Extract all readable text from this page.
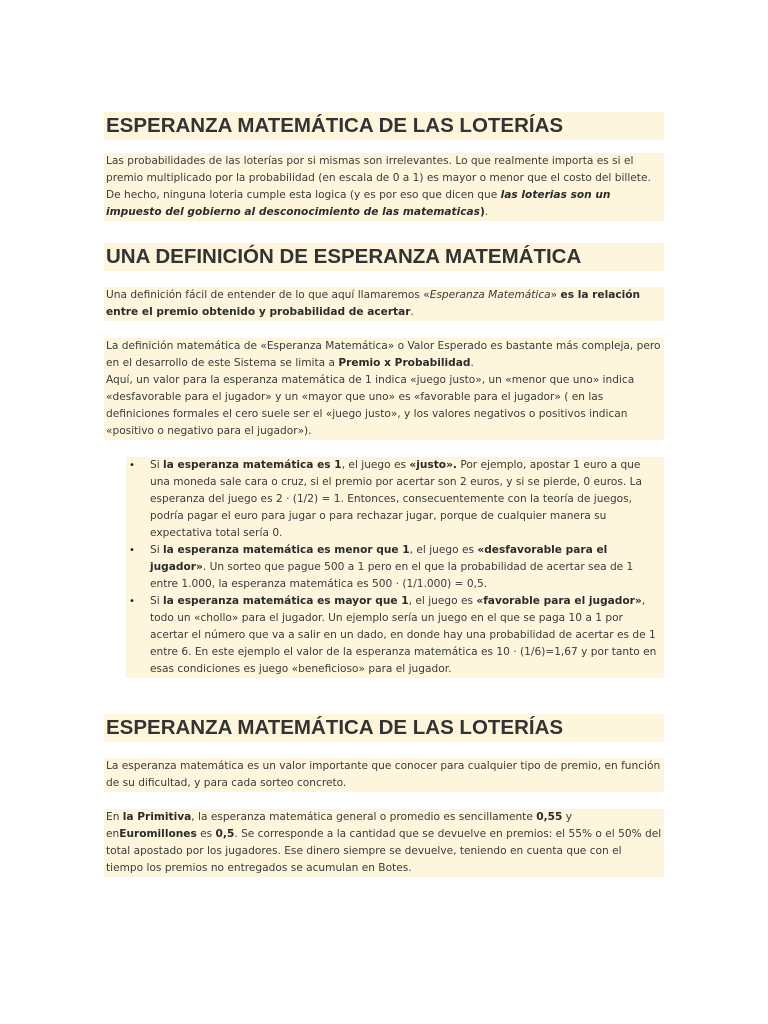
ESPERANZA MATEMÁTICA DE LAS LOTERÍAS

Las probabilidades de las loterías por si mismas son irrelevantes. Lo que realmente importa es si el premio multiplicado por la probabilidad (en escala de 0 a 1) es mayor o menor que el costo del billete. De hecho, ninguna loteria cumple esta logica (y es por eso que dicen que las loterias son un impuesto del gobierno al desconocimiento de las matematicas).

UNA DEFINICIÓN DE ESPERANZA MATEMÁTICA

Una definición fácil de entender de lo que aquí llamaremos «Esperanza Matemática» es la relación entre el premio obtenido y probabilidad de acertar.

La definición matemática de «Esperanza Matemática» o Valor Esperado es bastante más compleja, pero en el desarrollo de este Sistema se limita a Premio x Probabilidad.
Aquí, un valor para la esperanza matemática de 1 indica «juego justo», un «menor que uno» indica «desfavorable para el jugador» y un «mayor que uno» es «favorable para el jugador» ( en las definiciones formales el cero suele ser el «juego justo», y los valores negativos o positivos indican «positivo o negativo para el jugador»).

• Si la esperanza matemática es 1, el juego es «justo». Por ejemplo, apostar 1 euro a que una moneda sale cara o cruz, si el premio por acertar son 2 euros, y si se pierde, 0 euros. La esperanza del juego es 2 · (1/2) = 1. Entonces, consecuentemente con la teoría de juegos, podría pagar el euro para jugar o para rechazar jugar, porque de cualquier manera su expectativa total sería 0.
• Si la esperanza matemática es menor que 1, el juego es «desfavorable para el jugador». Un sorteo que pague 500 a 1 pero en el que la probabilidad de acertar sea de 1 entre 1.000, la esperanza matemática es 500 · (1/1.000) = 0,5.
• Si la esperanza matemática es mayor que 1, el juego es «favorable para el jugador», todo un «chollo» para el jugador. Un ejemplo sería un juego en el que se paga 10 a 1 por acertar el número que va a salir en un dado, en donde hay una probabilidad de acertar es de 1 entre 6. En este ejemplo el valor de la esperanza matemática es 10 · (1/6)=1,67 y por tanto en esas condiciones es juego «beneficioso» para el jugador.
ESPERANZA MATEMÁTICA DE LAS LOTERÍAS

La esperanza matemática es un valor importante que conocer para cualquier tipo de premio, en función de su dificultad, y para cada sorteo concreto.

En la Primitiva, la esperanza matemática general o promedio es sencillamente 0,55 y enEuromillones es 0,5. Se corresponde a la cantidad que se devuelve en premios: el 55% o el 50% del total apostado por los jugadores. Ese dinero siempre se devuelve, teniendo en cuenta que con el tiempo los premios no entregados se acumulan en Botes.
